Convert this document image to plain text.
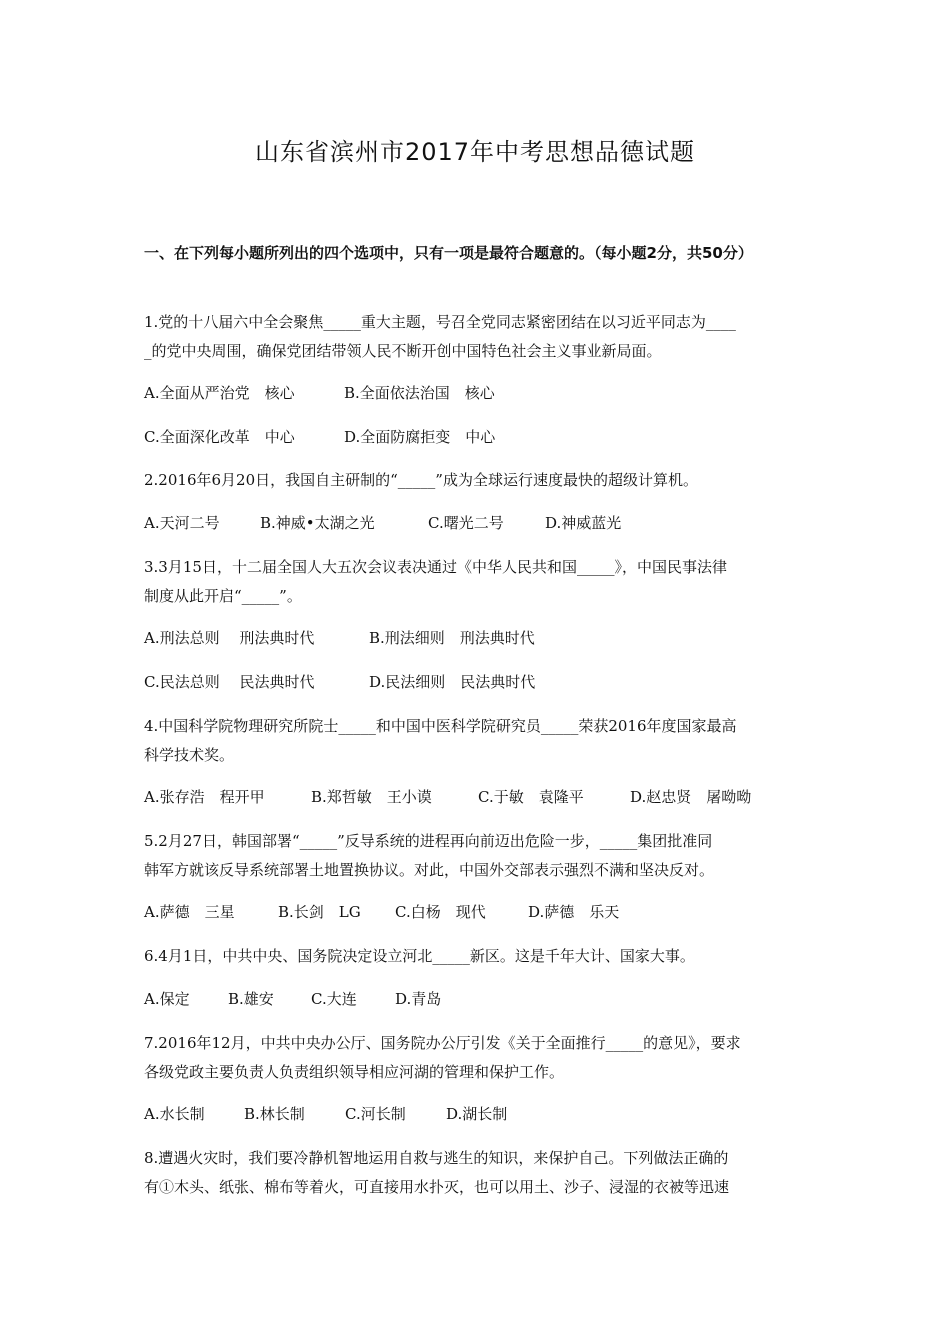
山东省滨州市2017年中考思想品德试题
一、在下列每小题所列出的四个选项中，只有一项是最符合题意的。（每小题2分，共50分）
1.党的十八届六中全会聚焦_____重大主题，号召全党同志紧密团结在以习近平同志为____
_的党中央周围，确保党团结带领人民不断开创中国特色社会主义事业新局面。
A.全面从严治党　核心	B.全面依法治国　核心
C.全面深化改革　中心	D.全面防腐拒变　中心
2.2016年6月20日，我国自主研制的“_____”成为全球运行速度最快的超级计算机。
A.天河二号	B.神威•太湖之光	C.曙光二号	D.神威蓝光
3.3月15日，十二届全国人大五次会议表决通过《中华人民共和国_____》，中国民事法律
制度从此开启“_____”。
A.刑法总则　 刑法典时代	B.刑法细则　刑法典时代
C.民法总则　 民法典时代	D.民法细则　民法典时代
4.中国科学院物理研究所院士_____和中国中医科学院研究员_____荣获2016年度国家最高
科学技术奖。
A.张存浩　程开甲	B.郑哲敏　王小谟	C.于敏　袁隆平	D.赵忠贤　屠呦呦
5.2月27日，韩国部署“_____”反导系统的进程再向前迈出危险一步，_____集团批准同
韩军方就该反导系统部署土地置换协议。对此，中国外交部表示强烈不满和坚决反对。
A.萨德　三星	B.长剑　LG C.白杨　现代	D.萨德　乐天
6.4月1日，中共中央、国务院决定设立河北_____新区。这是千年大计、国家大事。
A.保定	B.雄安 C.大连	D.青岛
7.2016年12月，中共中央办公厅、国务院办公厅引发《关于全面推行_____的意见》，要求
各级党政主要负责人负责组织领导相应河湖的管理和保护工作。
A.水长制	B.林长制	C.河长制	D.湖长制
8.遭遇火灾时，我们要冷静机智地运用自救与逃生的知识，来保护自己。下列做法正确的
有①木头、纸张、棉布等着火，可直接用水扑灭，也可以用土、沙子、浸湿的衣被等迅速
